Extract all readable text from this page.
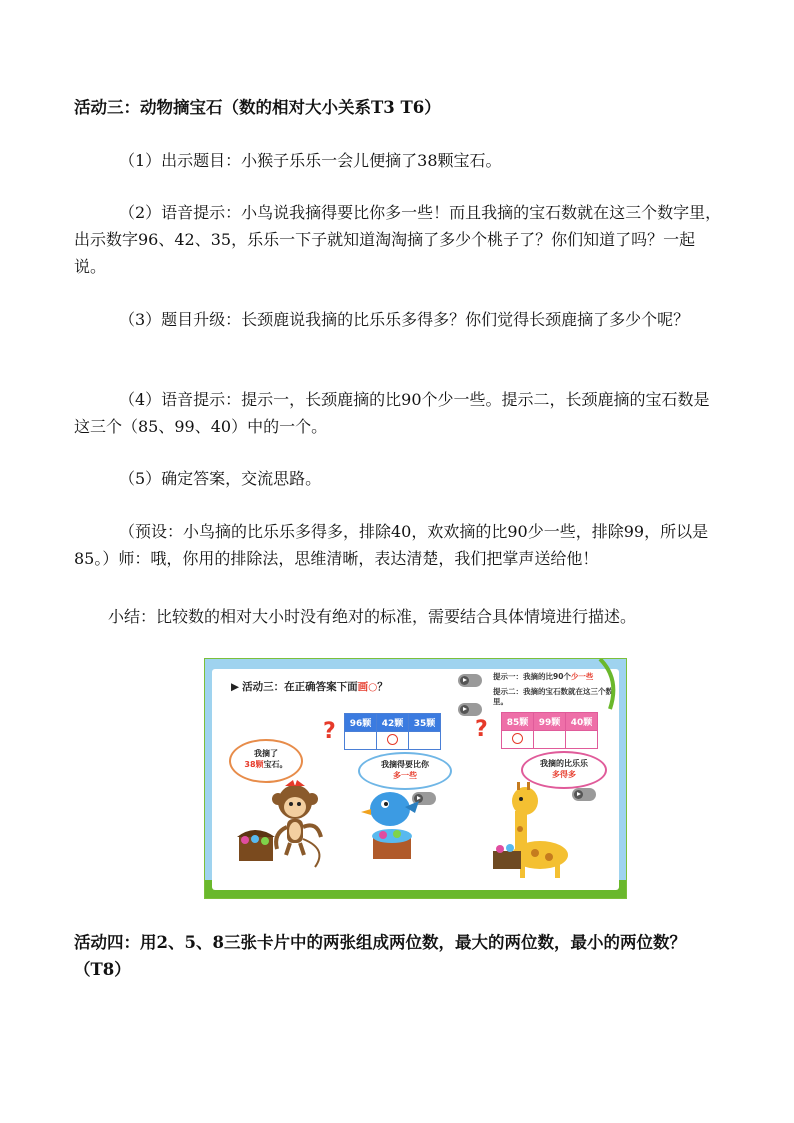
活动三：动物摘宝石（数的相对大小关系T3 T6）

（1）出示题目：小猴子乐乐一会儿便摘了38颗宝石。

（2）语音提示：小鸟说我摘得要比你多一些！而且我摘的宝石数就在这三个数字里，出示数字96、42、35，乐乐一下子就知道淘淘摘了多少个桃子了？你们知道了吗？一起说。

（3）题目升级：长颈鹿说我摘的比乐乐多得多？你们觉得长颈鹿摘了多少个呢？

（4）语音提示：提示一，长颈鹿摘的比90个少一些。提示二，长颈鹿摘的宝石数是这三个（85、99、40）中的一个。

（5）确定答案，交流思路。

（预设：小鸟摘的比乐乐多得多，排除40，欢欢摘的比90少一些，排除99，所以是85。）师：哦，你用的排除法，思维清晰，表达清楚，我们把掌声送给他！

小结：比较数的相对大小时没有绝对的标准，需要结合具体情境进行描述。

▶ 活动三：在正确答案下面画○？
? 96颗	42颗	35颗
		? 85颗	99颗	40颗

提示一：我摘的比90个少一些
提示二：我摘的宝石数就在这三个数里。
我摘了
38颗宝石。	我摘得要比你
多一些
我摘的比乐乐
多得多

活动四：用2、5、8三张卡片中的两张组成两位数，最大的两位数，最小的两位数？（T8）
